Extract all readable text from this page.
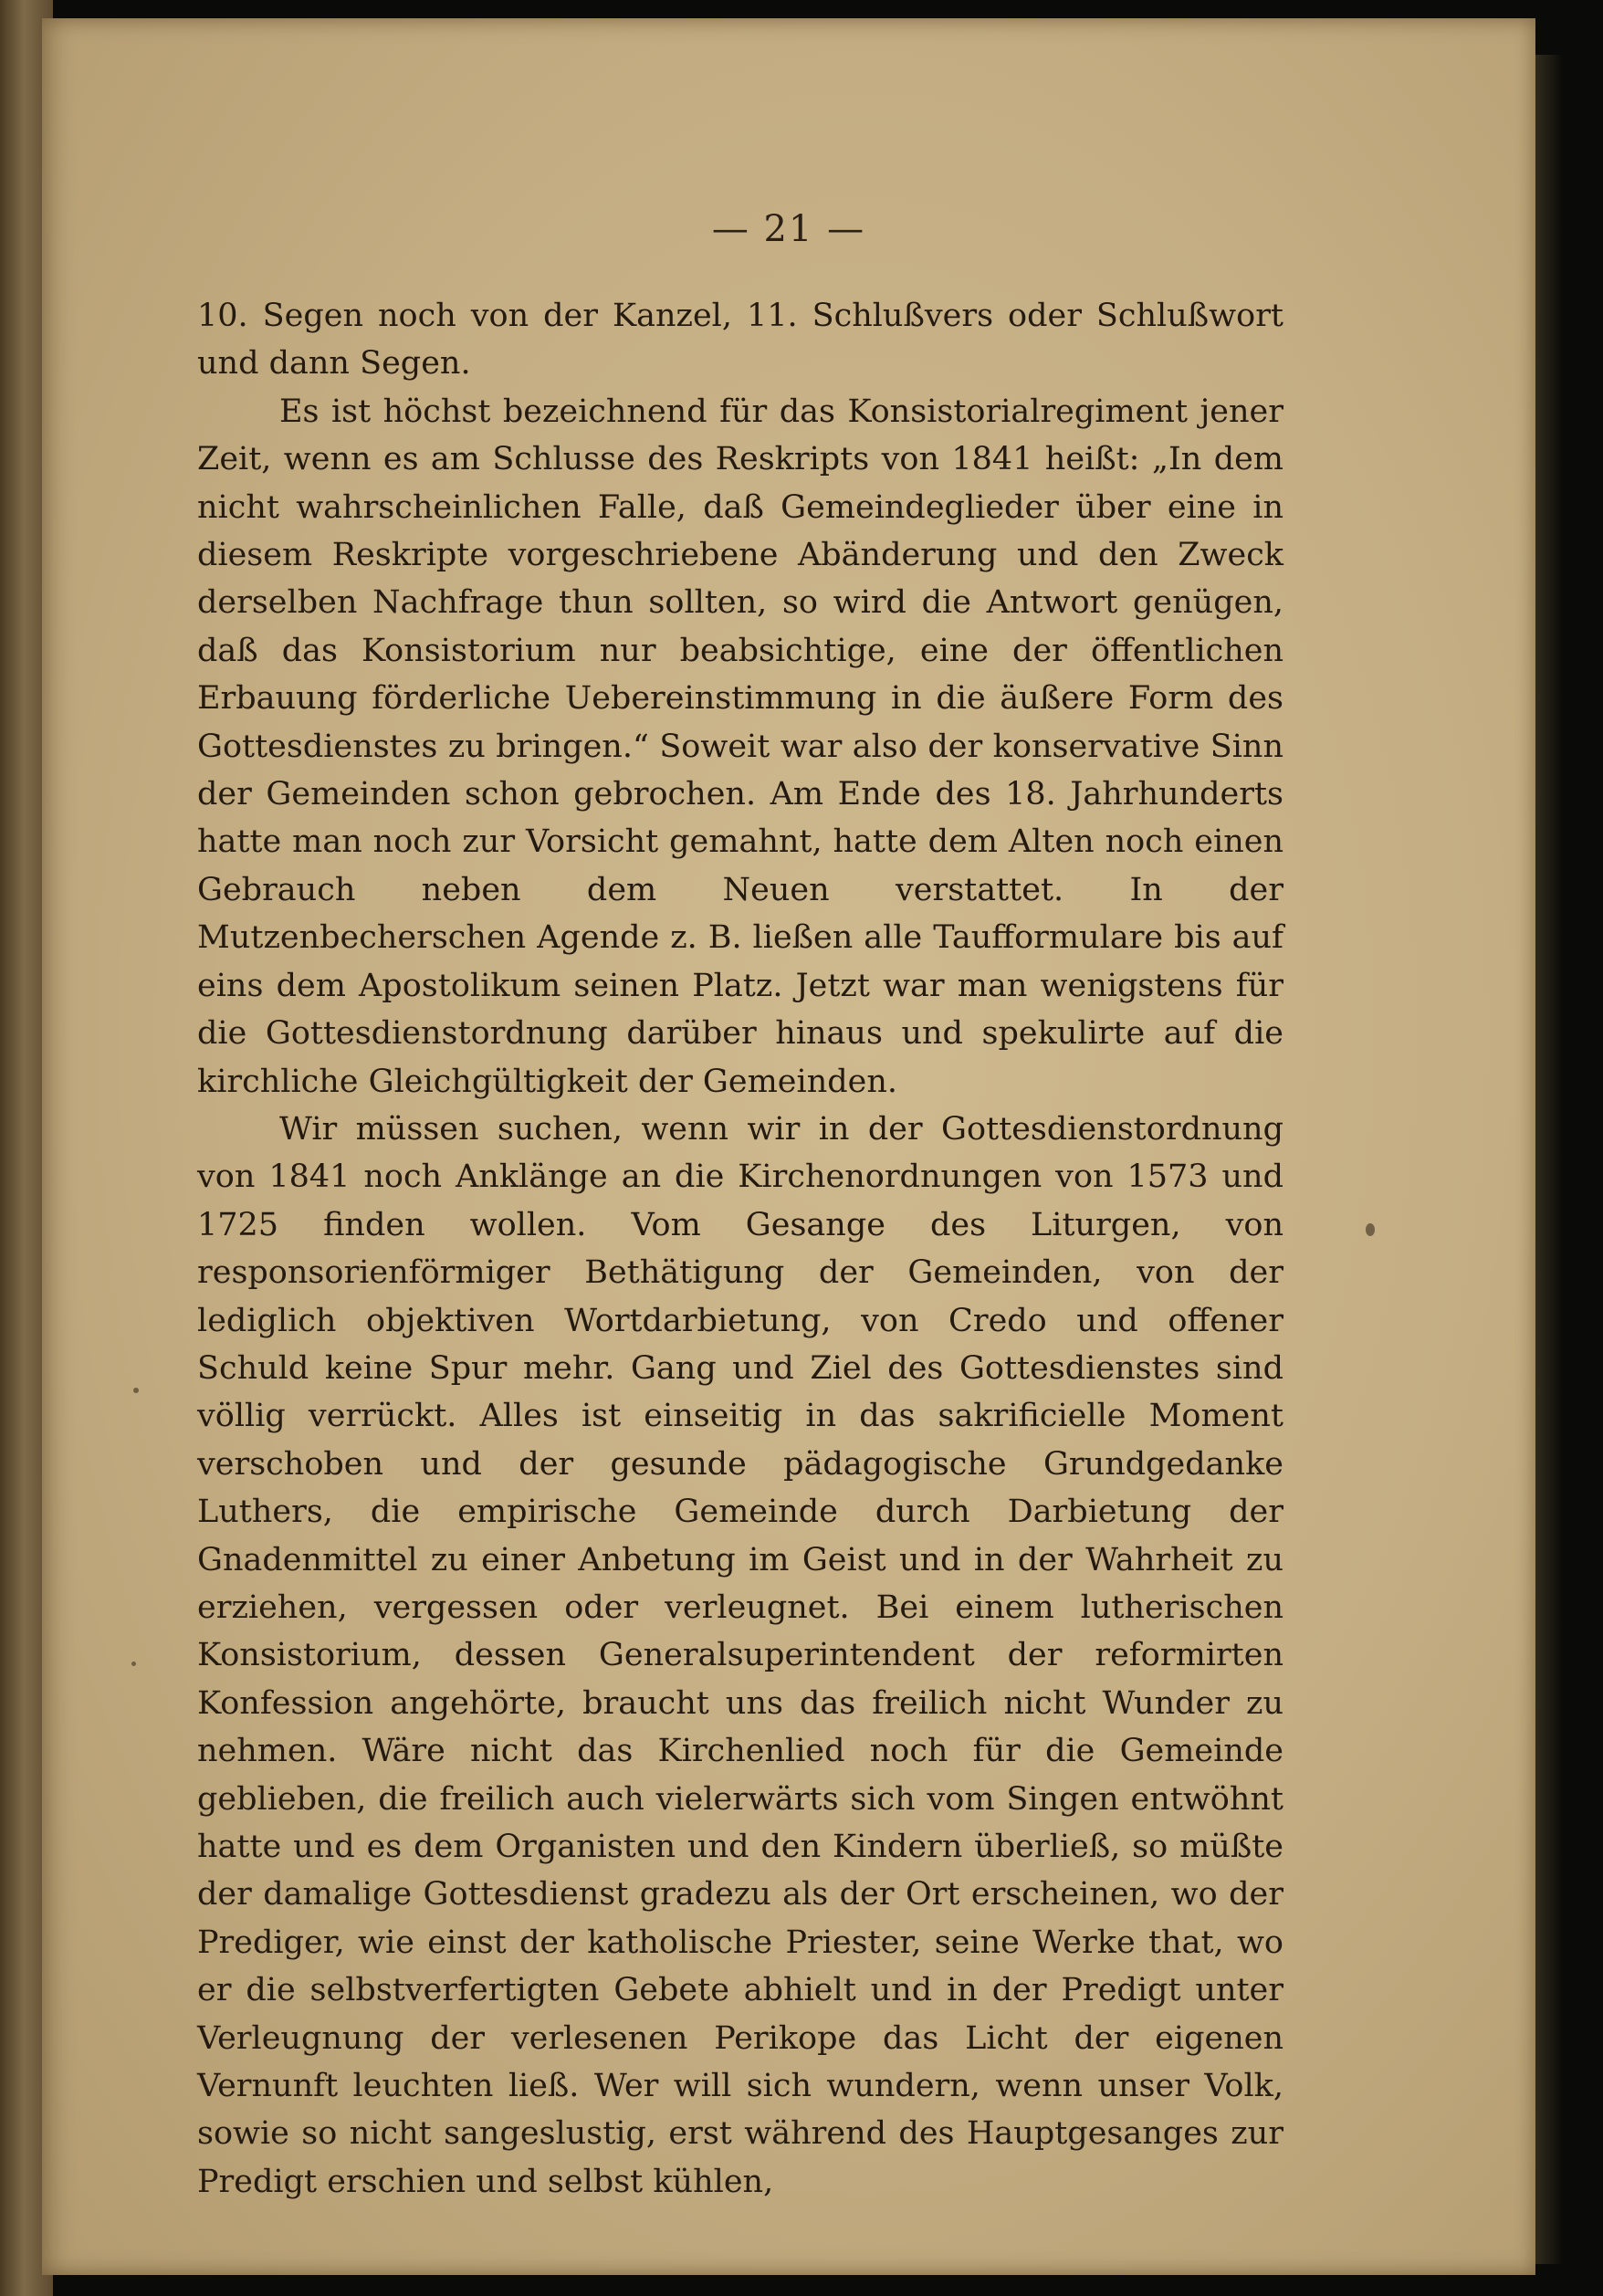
— 21 —

10. Segen noch von der Kanzel, 11. Schlußvers oder Schlußwort und dann Segen.

Es ist höchst bezeichnend für das Konsistorialregiment jener Zeit, wenn es am Schlusse des Reskripts von 1841 heißt: „In dem nicht wahrscheinlichen Falle, daß Gemeindeglieder über eine in diesem Reskripte vorgeschriebene Abänderung und den Zweck derselben Nachfrage thun sollten, so wird die Antwort genügen, daß das Konsistorium nur beabsichtige, eine der öffentlichen Erbauung förderliche Uebereinstimmung in die äußere Form des Gottesdienstes zu bringen.“ Soweit war also der konservative Sinn der Gemeinden schon gebrochen. Am Ende des 18. Jahrhunderts hatte man noch zur Vorsicht gemahnt, hatte dem Alten noch einen Gebrauch neben dem Neuen verstattet. In der Mutzenbecherschen Agende z. B. ließen alle Taufformulare bis auf eins dem Apostolikum seinen Platz. Jetzt war man wenigstens für die Gottesdienstordnung darüber hinaus und spekulirte auf die kirchliche Gleichgültigkeit der Gemeinden.

Wir müssen suchen, wenn wir in der Gottesdienstordnung von 1841 noch Anklänge an die Kirchenordnungen von 1573 und 1725 finden wollen. Vom Gesange des Liturgen, von responsorienförmiger Bethätigung der Gemeinden, von der lediglich objektiven Wortdarbietung, von Credo und offener Schuld keine Spur mehr. Gang und Ziel des Gottesdienstes sind völlig verrückt. Alles ist einseitig in das sakrificielle Moment verschoben und der gesunde pädagogische Grundgedanke Luthers, die empirische Gemeinde durch Darbietung der Gnadenmittel zu einer Anbetung im Geist und in der Wahrheit zu erziehen, vergessen oder verleugnet. Bei einem lutherischen Konsistorium, dessen Generalsuperintendent der reformirten Konfession angehörte, braucht uns das freilich nicht Wunder zu nehmen. Wäre nicht das Kirchenlied noch für die Gemeinde geblieben, die freilich auch vielerwärts sich vom Singen entwöhnt hatte und es dem Organisten und den Kindern überließ, so müßte der damalige Gottesdienst gradezu als der Ort erscheinen, wo der Prediger, wie einst der katholische Priester, seine Werke that, wo er die selbstverfertigten Gebete abhielt und in der Predigt unter Verleugnung der verlesenen Perikope das Licht der eigenen Vernunft leuchten ließ. Wer will sich wundern, wenn unser Volk, sowie so nicht sangeslustig, erst während des Hauptgesanges zur Predigt erschien und selbst kühlen,
